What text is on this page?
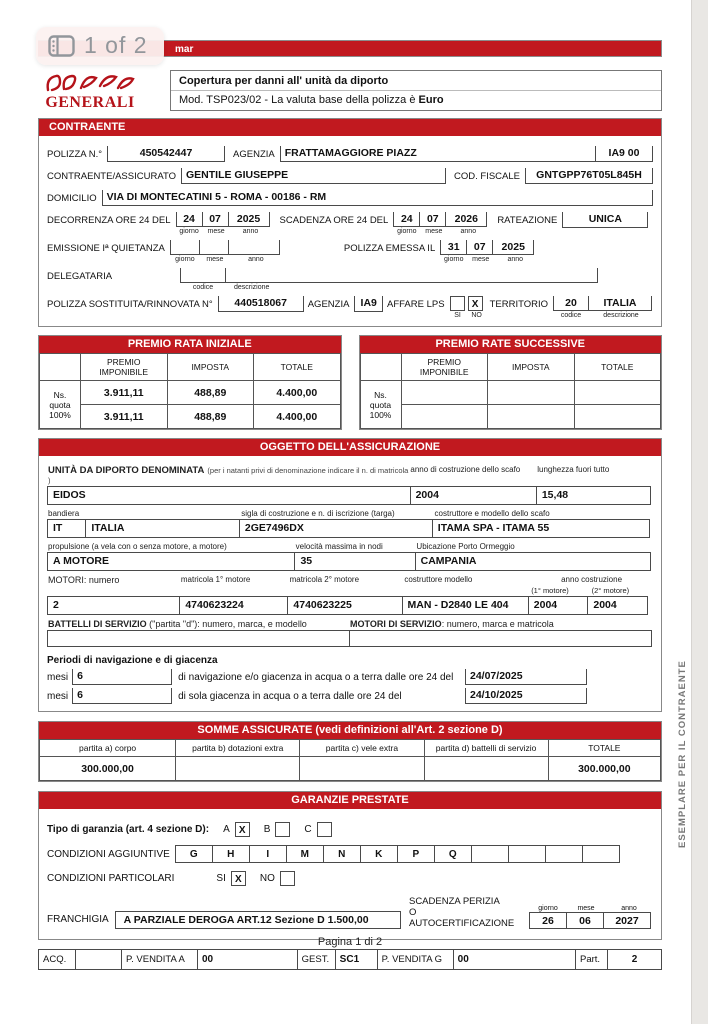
1 of 2	mar
GENERALI
Copertura per danni all' unità da diporto
Mod. TSP023/02 - La valuta base della polizza è Euro
CONTRAENTE
POLIZZA N.°	450542447	AGENZIA FRATTAMAGGIORE PIAZZ	IA9 00
CONTRAENTE/ASSICURATO GENTILE GIUSEPPE	COD. FISCALE	GNTGPP76T05L845H
DOMICILIO VIA DI MONTECATINI 5 - ROMA - 00186 - RM
DECORRENZA ORE 24 DEL	24	07	2025
giorno	mese	anno
SCADENZA ORE 24 DEL	24	07	2026
giorno	mese	anno
RATEAZIONE	UNICA
EMISSIONE Iª QUIETANZA
giorno	mese	anno
POLIZZA EMESSA IL	31	07	2025
giorno	mese	anno
DELEGATARIA
codice	descrizione
POLIZZA SOSTITUITA/RINNOVATA N°	440518067	AGENZIA	IA9	AFFARE LPS	X
SI	NO
TERRITORIO	20	ITALIA
codice	descrizione
PREMIO RATA INIZIALE
	PREMIO IMPONIBILE	IMPOSTA	TOTALE
Ns.
quota
100%	3.911,11	488,89	4.400,00
	3.911,11	488,89	4.400,00
PREMIO RATE SUCCESSIVE
	PREMIO IMPONIBILE	IMPOSTA	TOTALE
Ns.
quota
100%			

OGGETTO DELL'ASSICURAZIONE
UNITÀ DA DIPORTO DENOMINATA (per i natanti privi di denominazione indicare il n. di matricola )
anno di costruzione dello scafo	lunghezza fuori tutto
EIDOS	2004	15,48
bandiera	sigla di costruzione e n. di iscrizione (targa)	costruttore e modello dello scafo
IT	ITALIA	2GE7496DX	ITAMA SPA - ITAMA 55
propulsione (a vela con o senza motore, a motore)	velocità massima in nodi	Ubicazione Porto Ormeggio
A MOTORE	35	CAMPANIA
MOTORI: numero	matricola 1° motore	matricola 2° motore	costruttore modello	anno costruzione
(1° motore)	(2° motore)
2	4740623224	4740623225	MAN - D2840 LE 404	2004	2004
BATTELLI DI SERVIZIO ("partita "d"): numero, marca, e modello	MOTORI DI SERVIZIO: numero, marca e matricola
Periodi di navigazione e di giacenza
mesi 6	di navigazione e/o giacenza in acqua o a terra dalle ore 24 del	24/07/2025
mesi 6	di sola giacenza in acqua o a terra dalle ore 24 del	24/10/2025
SOMME ASSICURATE (vedi definizioni all'Art. 2 sezione D)
partita a) corpo	partita b) dotazioni extra	partita c) vele extra	partita d) battelli di servizio	TOTALE
300.000,00				300.000,00
GARANZIE PRESTATE
Tipo di garanzia (art. 4 sezione D): A X	B	C
CONDIZIONI AGGIUNTIVE	G	H	I	M	N	K	P	Q
CONDIZIONI PARTICOLARI	SI X	NO
FRANCHIGIA	A PARZIALE DEROGA ART.12 Sezione D 1.500,00
SCADENZA PERIZIA
O AUTOCERTIFICAZIONE
giorno	mese	anno
26	06	2027
ACQ.	P. VENDITA A	00	GEST.	SC1	P. VENDITA G	00	Part.	2
ESEMPLARE PER IL CONTRAENTE
Pagina 1 di 2
